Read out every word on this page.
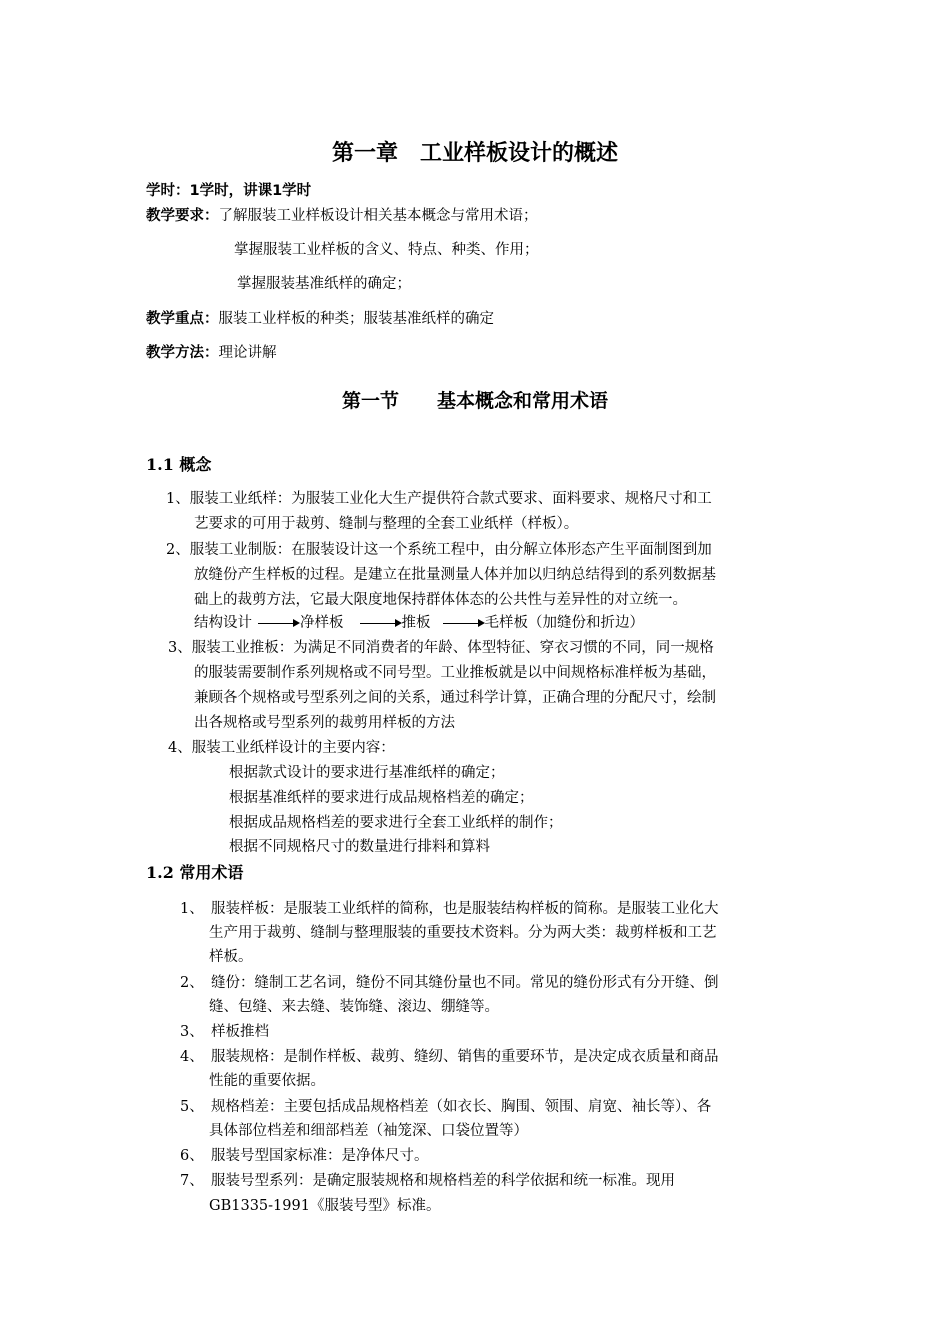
第一章　工业样板设计的概述
学时：1学时，讲课1学时
教学要求：了解服装工业样板设计相关基本概念与常用术语；
掌握服装工业样板的含义、特点、种类、作用；
掌握服装基准纸样的确定；
教学重点：服装工业样板的种类；服装基准纸样的确定
教学方法：理论讲解
第一节　　基本概念和常用术语
1.1 概念
1、服装工业纸样：为服装工业化大生产提供符合款式要求、面料要求、规格尺寸和工
艺要求的可用于裁剪、缝制与整理的全套工业纸样（样板）。
2、服装工业制版：在服装设计这一个系统工程中，由分解立体形态产生平面制图到加
放缝份产生样板的过程。是建立在批量测量人体并加以归纳总结得到的系列数据基
础上的裁剪方法，它最大限度地保持群体体态的公共性与差异性的对立统一。
结构设计	净样板	推板	毛样板（加缝份和折边）
3、服装工业推板：为满足不同消费者的年龄、体型特征、穿衣习惯的不同，同一规格
的服装需要制作系列规格或不同号型。工业推板就是以中间规格标准样板为基础，
兼顾各个规格或号型系列之间的关系，通过科学计算，正确合理的分配尺寸，绘制
出各规格或号型系列的裁剪用样板的方法
4、服装工业纸样设计的主要内容：
根据款式设计的要求进行基准纸样的确定；
根据基准纸样的要求进行成品规格档差的确定；
根据成品规格档差的要求进行全套工业纸样的制作；
根据不同规格尺寸的数量进行排料和算料
1.2 常用术语
1、　服装样板：是服装工业纸样的简称，也是服装结构样板的简称。是服装工业化大
生产用于裁剪、缝制与整理服装的重要技术资料。分为两大类：裁剪样板和工艺
样板。
2、　缝份：缝制工艺名词，缝份不同其缝份量也不同。常见的缝份形式有分开缝、倒
缝、包缝、来去缝、装饰缝、滚边、绷缝等。
3、　样板推档
4、　服装规格：是制作样板、裁剪、缝纫、销售的重要环节，是决定成衣质量和商品
性能的重要依据。
5、　规格档差：主要包括成品规格档差（如衣长、胸围、领围、肩宽、袖长等）、各
具体部位档差和细部档差（袖笼深、口袋位置等）
6、　服装号型国家标准：是净体尺寸。
7、　服装号型系列：是确定服装规格和规格档差的科学依据和统一标准。现用
GB1335-1991《服装号型》标准。
